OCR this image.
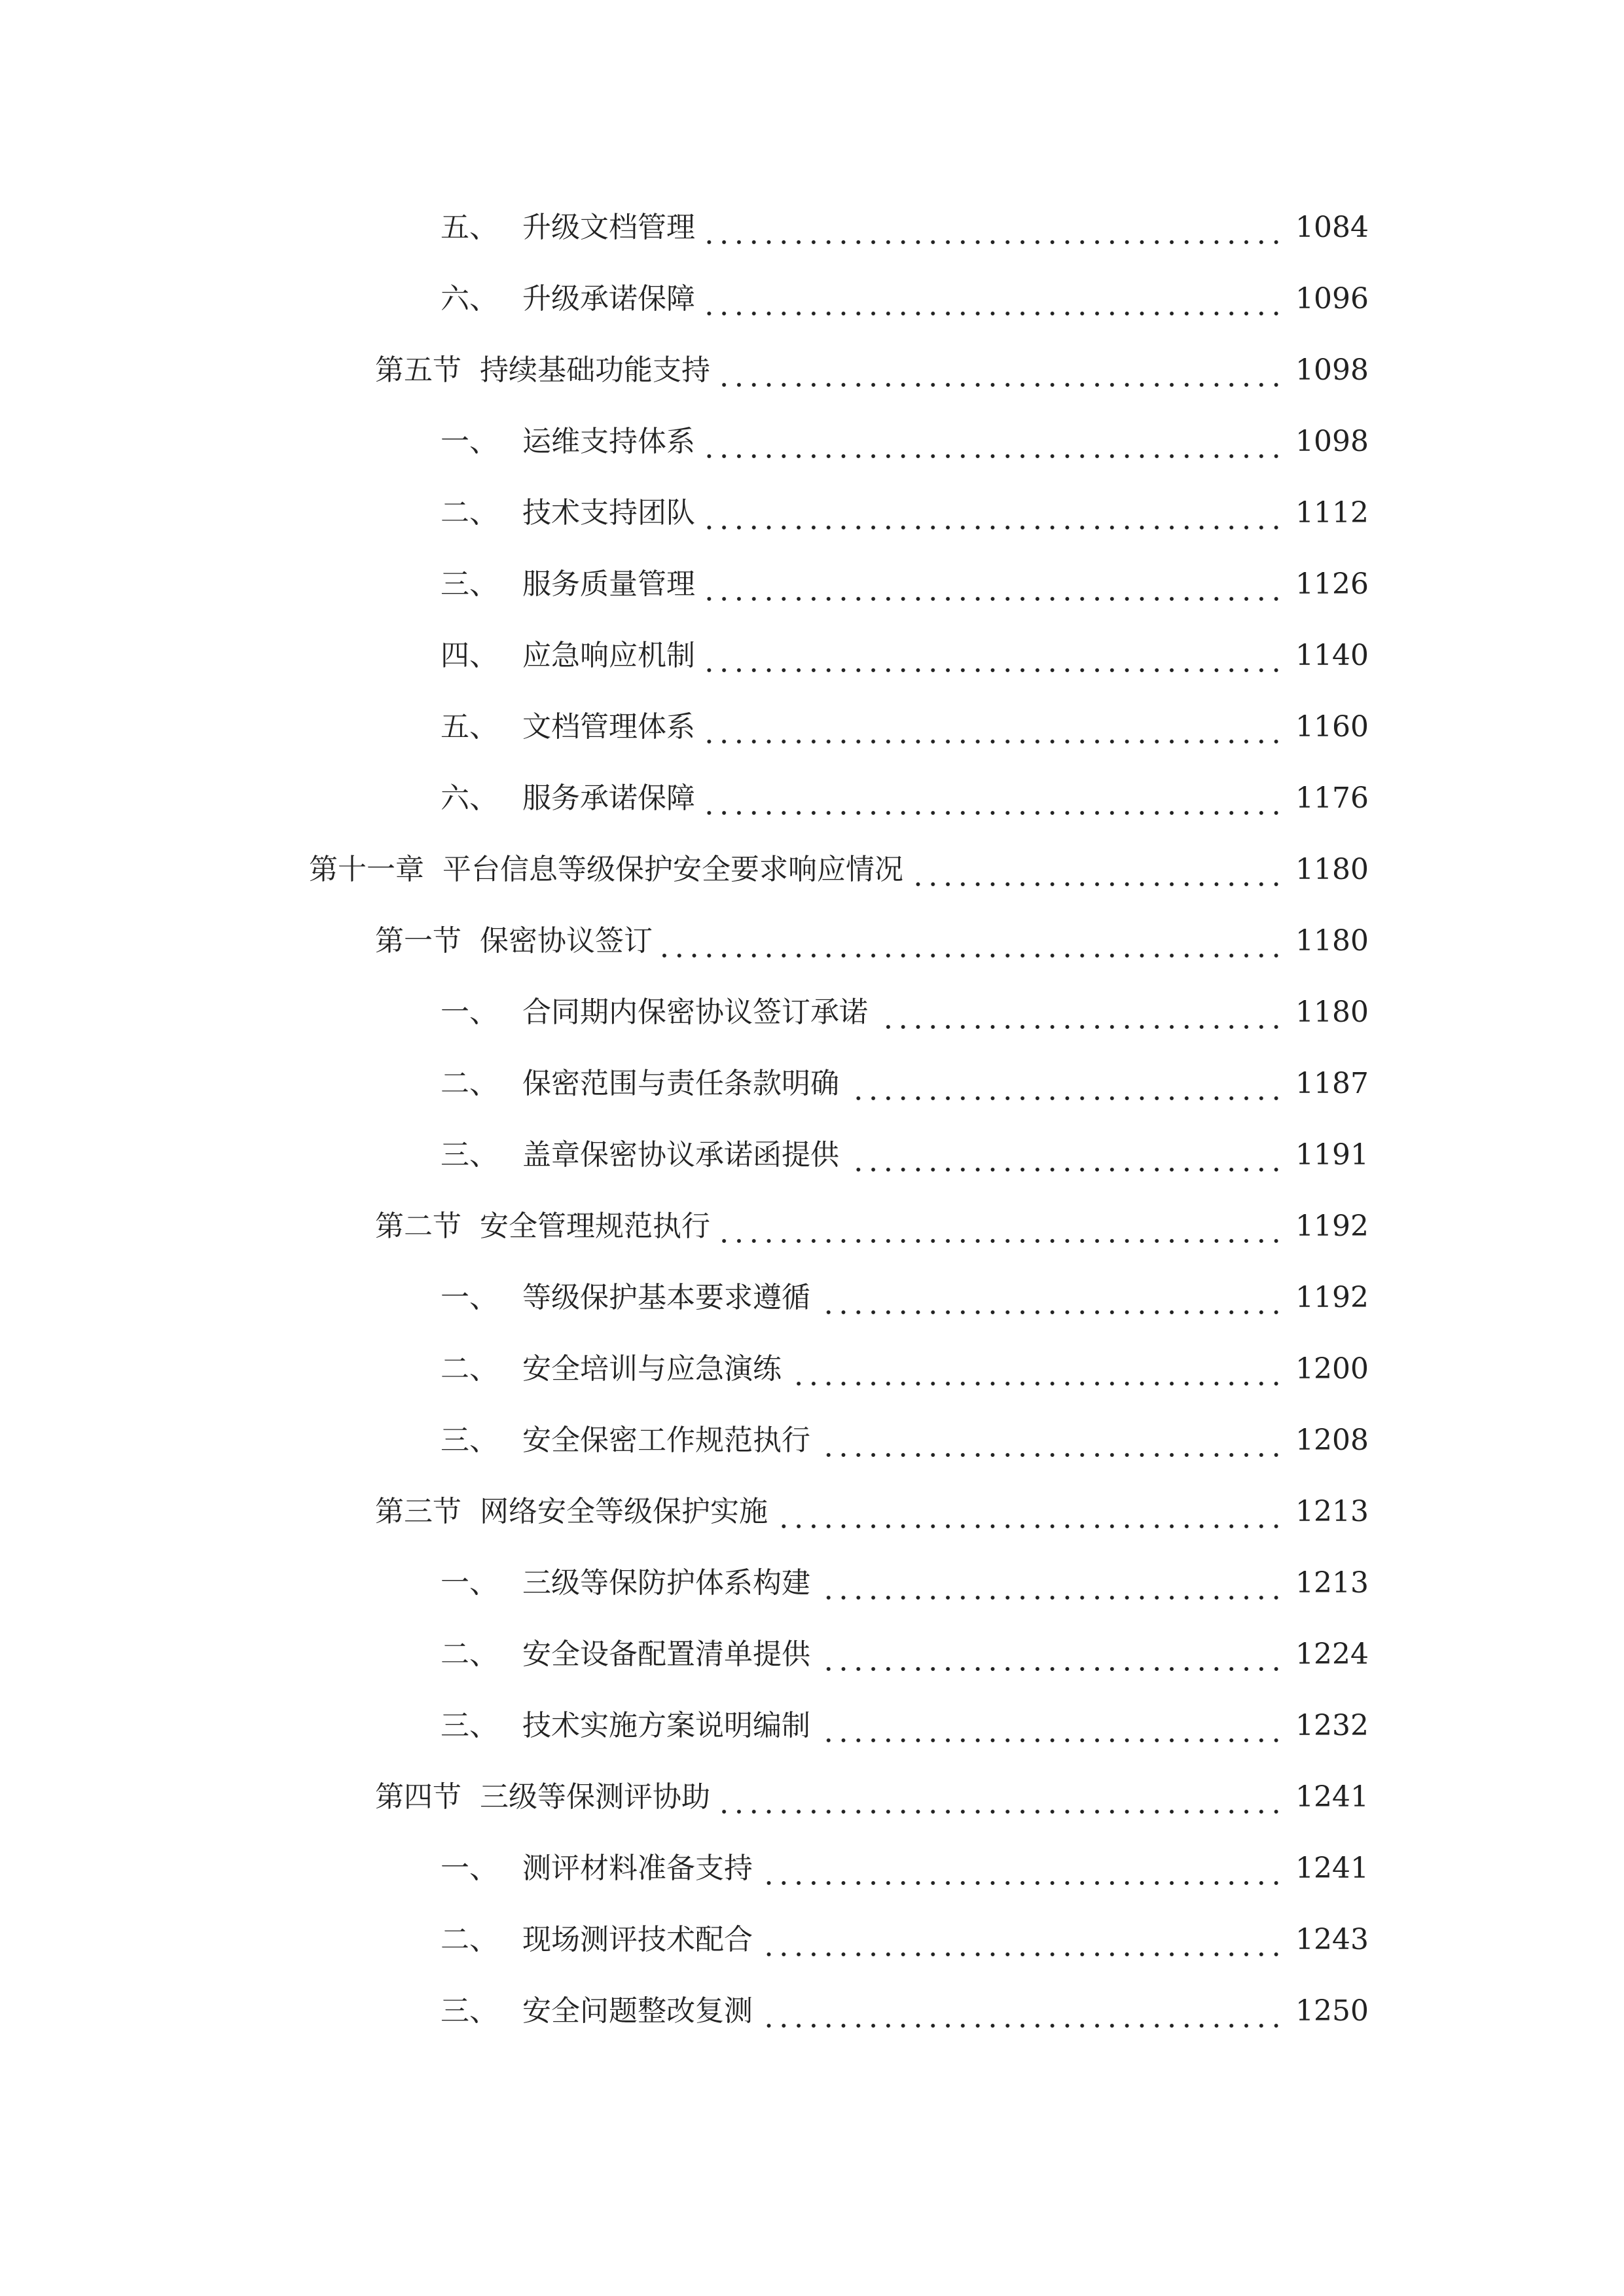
五、 升级文档管理	1084
六、 升级承诺保障	1096
第五节 持续基础功能支持	1098
一、 运维支持体系	1098
二、 技术支持团队	1112
三、 服务质量管理	1126
四、 应急响应机制	1140
五、 文档管理体系	1160
六、 服务承诺保障	1176
第十一章 平台信息等级保护安全要求响应情况	1180
第一节 保密协议签订	1180
一、 合同期内保密协议签订承诺	1180
二、 保密范围与责任条款明确	1187
三、 盖章保密协议承诺函提供	1191
第二节 安全管理规范执行	1192
一、 等级保护基本要求遵循	1192
二、 安全培训与应急演练	1200
三、 安全保密工作规范执行	1208
第三节 网络安全等级保护实施	1213
一、 三级等保防护体系构建	1213
二、 安全设备配置清单提供	1224
三、 技术实施方案说明编制	1232
第四节 三级等保测评协助	1241
一、 测评材料准备支持	1241
二、 现场测评技术配合	1243
三、 安全问题整改复测	1250
